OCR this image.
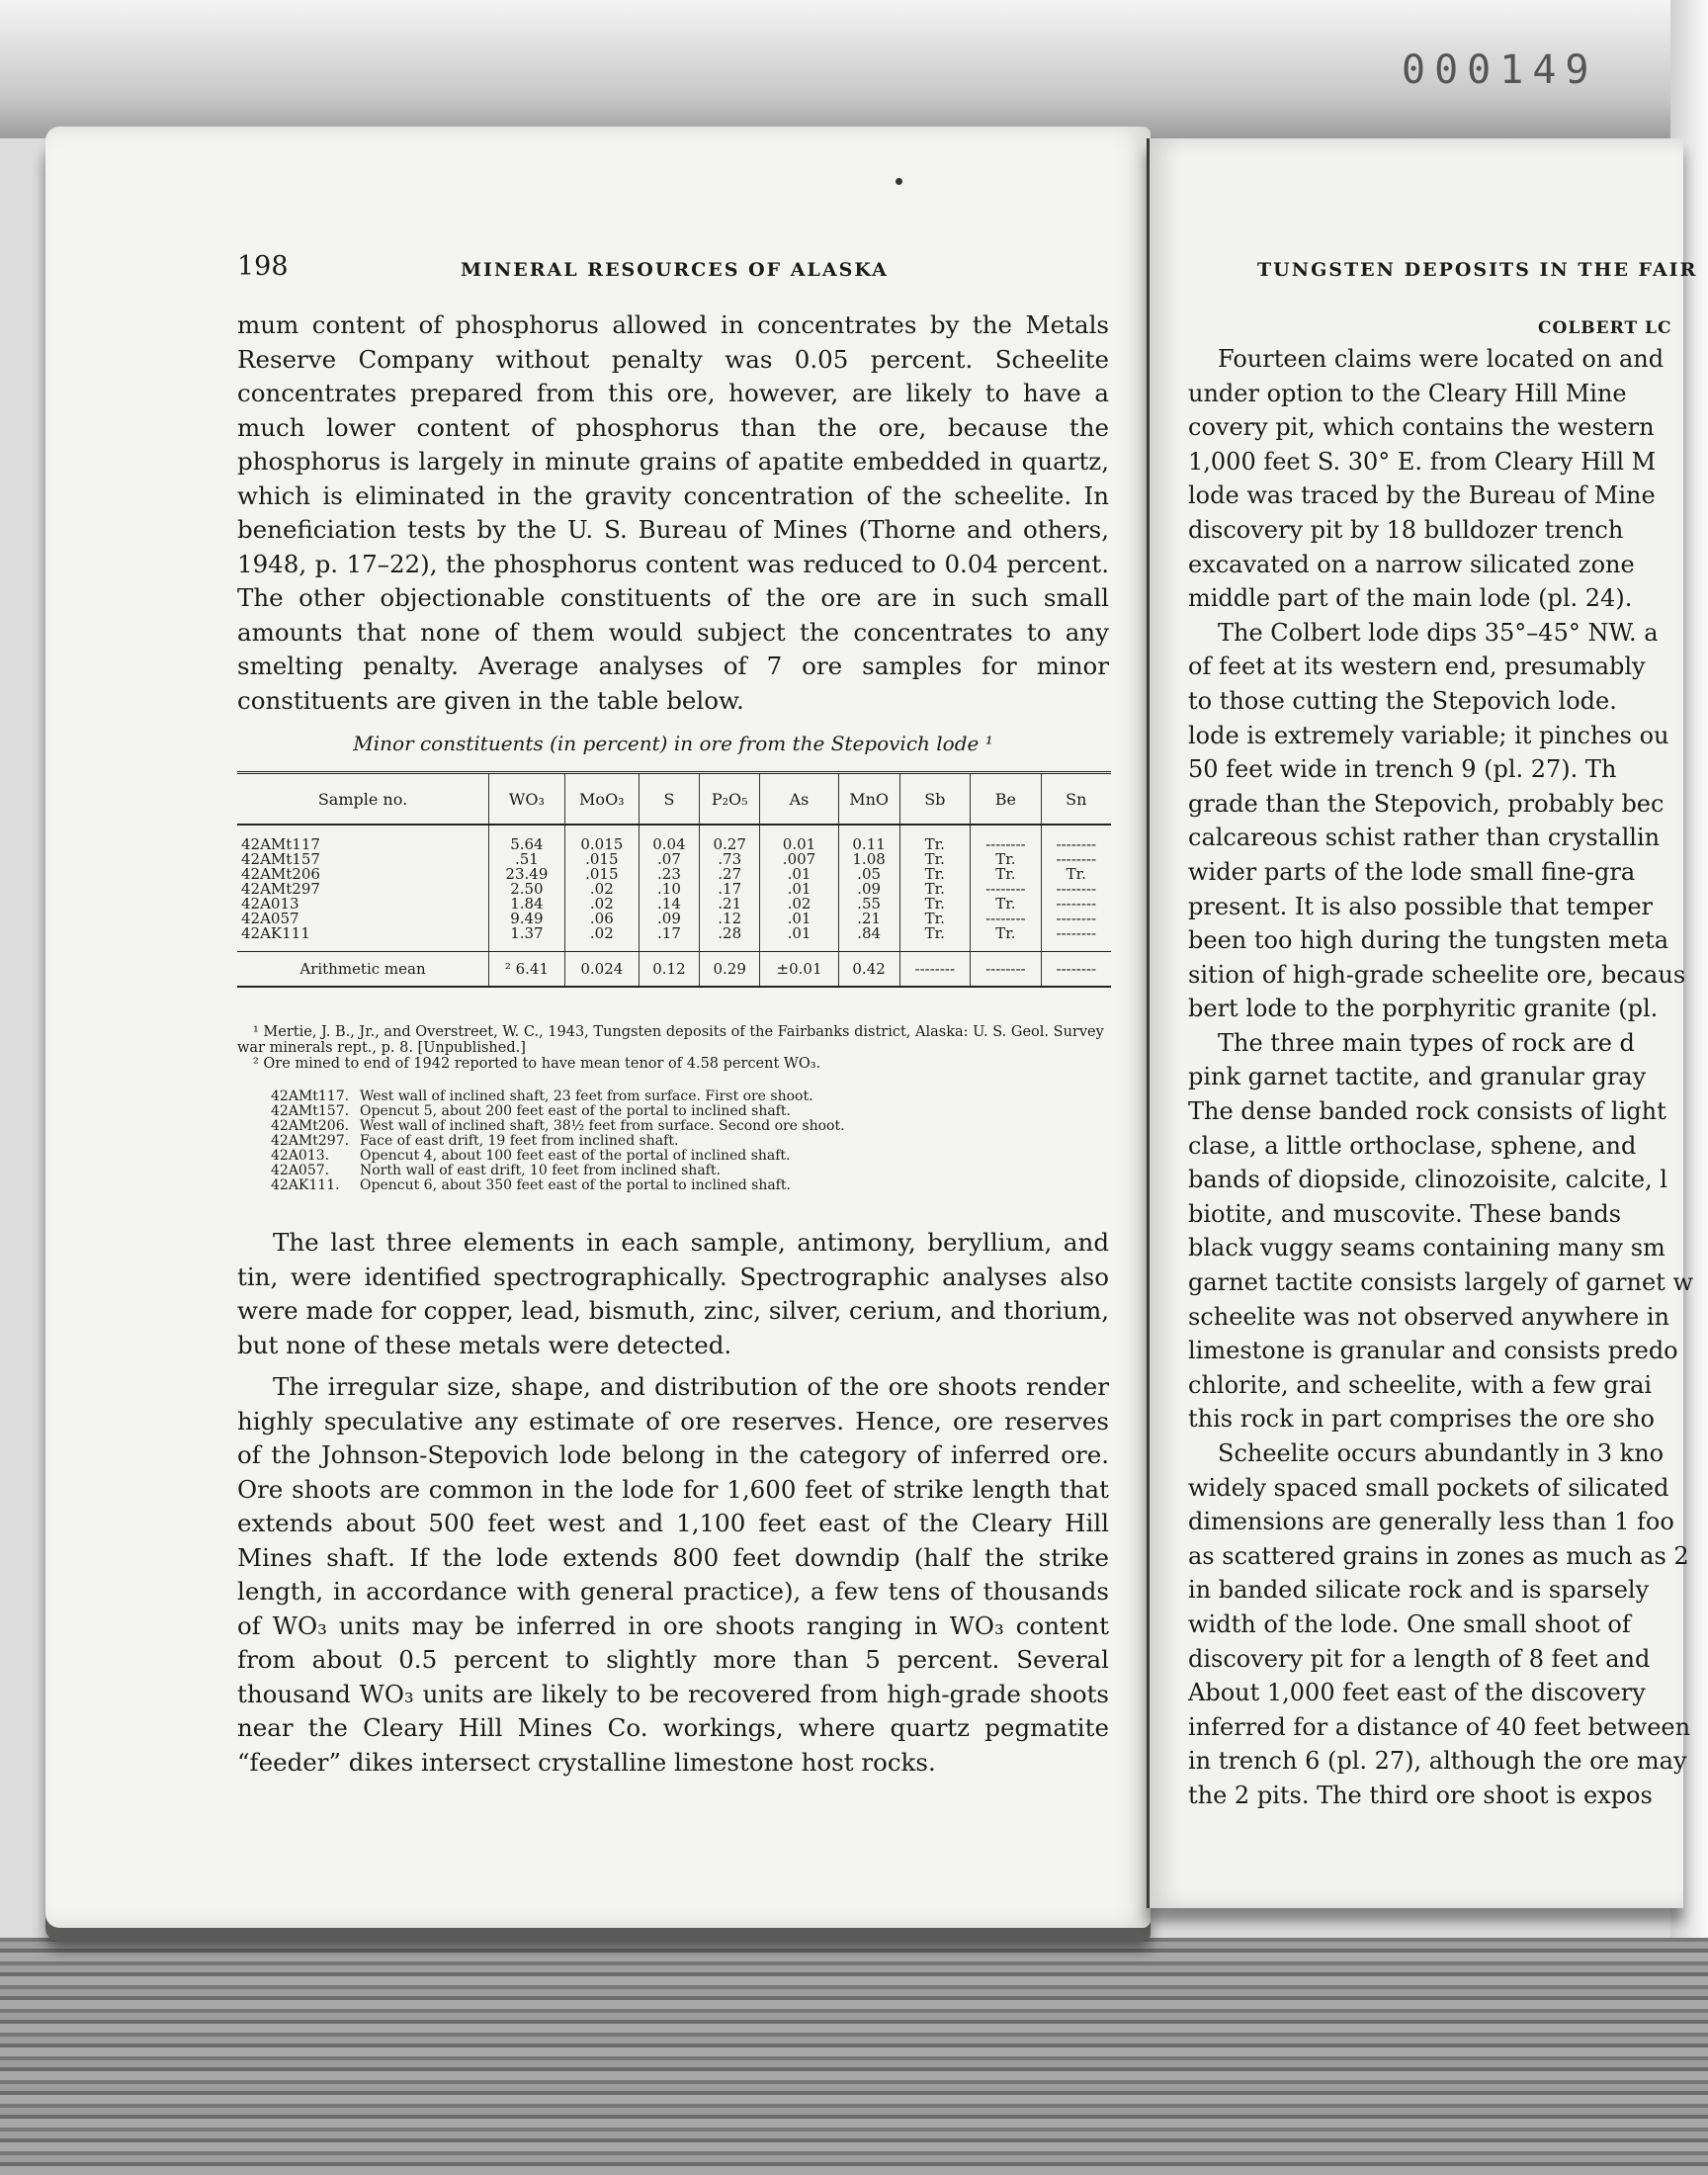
000149
198	MINERAL RESOURCES OF ALASKA

mum content of phosphorus allowed in concentrates by the Metals Reserve Company without penalty was 0.05 percent. Scheelite concentrates prepared from this ore, however, are likely to have a much lower content of phosphorus than the ore, because the phosphorus is largely in minute grains of apatite embedded in quartz, which is eliminated in the gravity concentration of the scheelite. In beneficiation tests by the U. S. Bureau of Mines (Thorne and others, 1948, p. 17–22), the phosphorus content was reduced to 0.04 percent. The other objectionable constituents of the ore are in such small amounts that none of them would subject the concentrates to any smelting penalty. Average analyses of 7 ore samples for minor constituents are given in the table below.

Minor constituents (in percent) in ore from the Stepovich lode ¹
Sample no.	WO₃	MoO₃	S	P₂O₅	As	MnO	Sb	Be	Sn
42AMt117	5.64	0.015	0.04	0.27	0.01	0.11	Tr.	--------	--------
42AMt157	.51	.015	.07	.73	.007	1.08	Tr.	Tr.	--------
42AMt206	23.49	.015	.23	.27	.01	.05	Tr.	Tr.	Tr.
42AMt297	2.50	.02	.10	.17	.01	.09	Tr.	--------	--------
42A013	1.84	.02	.14	.21	.02	.55	Tr.	Tr.	--------
42A057	9.49	.06	.09	.12	.01	.21	Tr.	--------	--------
42AK111	1.37	.02	.17	.28	.01	.84	Tr.	Tr.	--------
Arithmetic mean	² 6.41	0.024	0.12	0.29	±0.01	0.42	--------	--------	--------

¹ Mertie, J. B., Jr., and Overstreet, W. C., 1943, Tungsten deposits of the Fairbanks district, Alaska: U. S. Geol. Survey war minerals rept., p. 8. [Unpublished.]

² Ore mined to end of 1942 reported to have mean tenor of 4.58 percent WO₃.

42AMt117. West wall of inclined shaft, 23 feet from surface. First ore shoot.
42AMt157. Opencut 5, about 200 feet east of the portal to inclined shaft.
42AMt206. West wall of inclined shaft, 38½ feet from surface. Second ore shoot.
42AMt297. Face of east drift, 19 feet from inclined shaft.
42A013. Opencut 4, about 100 feet east of the portal of inclined shaft.
42A057. North wall of east drift, 10 feet from inclined shaft.
42AK111. Opencut 6, about 350 feet east of the portal to inclined shaft.

The last three elements in each sample, antimony, beryllium, and tin, were identified spectrographically. Spectrographic analyses also were made for copper, lead, bismuth, zinc, silver, cerium, and thorium, but none of these metals were detected.

The irregular size, shape, and distribution of the ore shoots render highly speculative any estimate of ore reserves. Hence, ore reserves of the Johnson-Stepovich lode belong in the category of inferred ore. Ore shoots are common in the lode for 1,600 feet of strike length that extends about 500 feet west and 1,100 feet east of the Cleary Hill Mines shaft. If the lode extends 800 feet downdip (half the strike length, in accordance with general practice), a few tens of thousands of WO₃ units may be inferred in ore shoots ranging in WO₃ content from about 0.5 percent to slightly more than 5 percent. Several thousand WO₃ units are likely to be recovered from high-grade shoots near the Cleary Hill Mines Co. workings, where quartz pegmatite “feeder” dikes intersect crystalline limestone host rocks.

TUNGSTEN DEPOSITS IN THE FAIR
COLBERT LC
Fourteen claims were located on and
under option to the Cleary Hill Mine
covery pit, which contains the western
1,000 feet S. 30° E. from Cleary Hill M
lode was traced by the Bureau of Mine
discovery pit by 18 bulldozer trench
excavated on a narrow silicated zone
middle part of the main lode (pl. 24).
The Colbert lode dips 35°–45° NW. a
of feet at its western end, presumably
to those cutting the Stepovich lode.
lode is extremely variable; it pinches ou
50 feet wide in trench 9 (pl. 27). Th
grade than the Stepovich, probably bec
calcareous schist rather than crystallin
wider parts of the lode small fine-gra
present. It is also possible that temper
been too high during the tungsten meta
sition of high-grade scheelite ore, becaus
bert lode to the porphyritic granite (pl.
The three main types of rock are d
pink garnet tactite, and granular gray
The dense banded rock consists of light
clase, a little orthoclase, sphene, and
bands of diopside, clinozoisite, calcite, l
biotite, and muscovite. These bands
black vuggy seams containing many sm
garnet tactite consists largely of garnet w
scheelite was not observed anywhere in
limestone is granular and consists predo
chlorite, and scheelite, with a few grai
this rock in part comprises the ore sho
Scheelite occurs abundantly in 3 kno
widely spaced small pockets of silicated
dimensions are generally less than 1 foo
as scattered grains in zones as much as 2
in banded silicate rock and is sparsely
width of the lode. One small shoot of
discovery pit for a length of 8 feet and
About 1,000 feet east of the discovery
inferred for a distance of 40 feet between
in trench 6 (pl. 27), although the ore may
the 2 pits. The third ore shoot is expos
